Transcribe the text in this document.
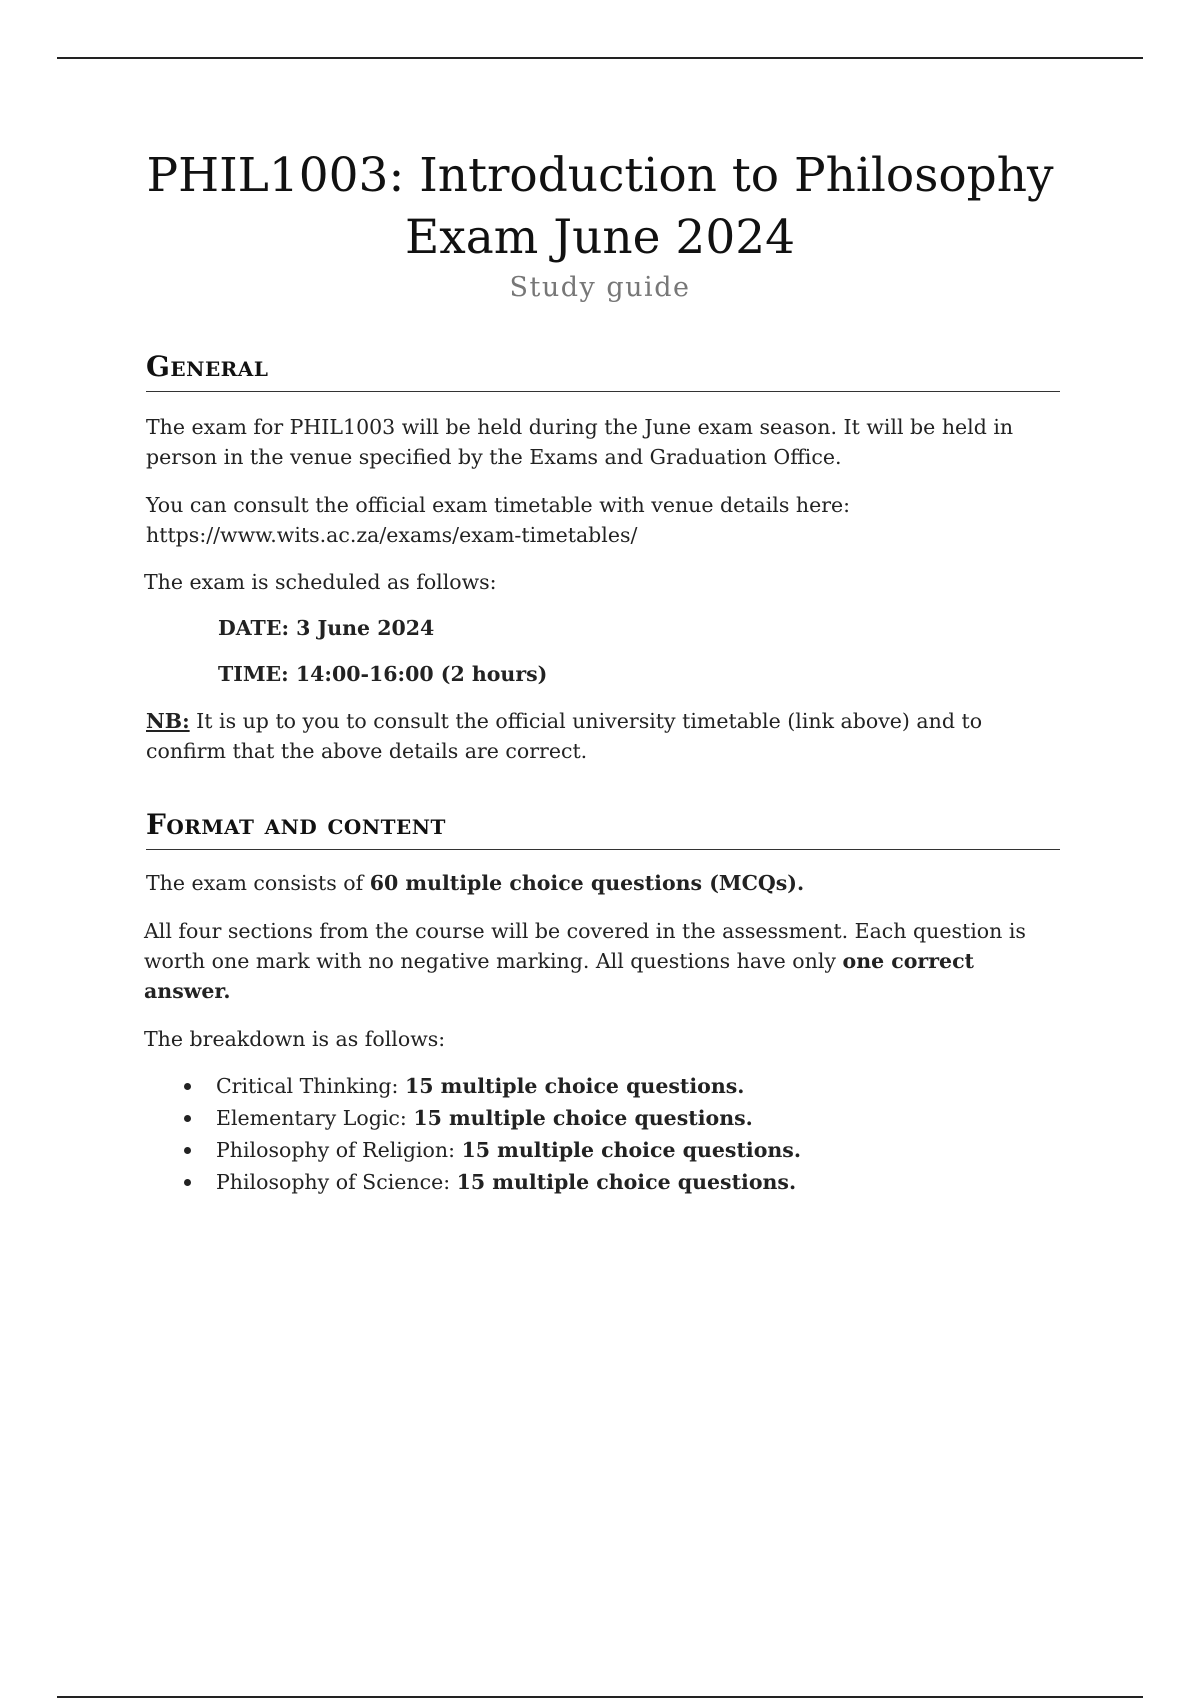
PHIL1003: Introduction to Philosophy
Exam June 2024
Study guide
General
The exam for PHIL1003 will be held during the June exam season. It will be held in person in the venue specified by the Exams and Graduation Office.
You can consult the official exam timetable with venue details here:
https://www.wits.ac.za/exams/exam-timetables/
The exam is scheduled as follows:
DATE: 3 June 2024
TIME: 14:00-16:00 (2 hours)
NB: It is up to you to consult the official university timetable (link above) and to confirm that the above details are correct.
Format and content
The exam consists of 60 multiple choice questions (MCQs).
All four sections from the course will be covered in the assessment. Each question is worth one mark with no negative marking. All questions have only one correct answer.
The breakdown is as follows:
Critical Thinking: 15 multiple choice questions.
Elementary Logic: 15 multiple choice questions.
Philosophy of Religion: 15 multiple choice questions.
Philosophy of Science: 15 multiple choice questions.
